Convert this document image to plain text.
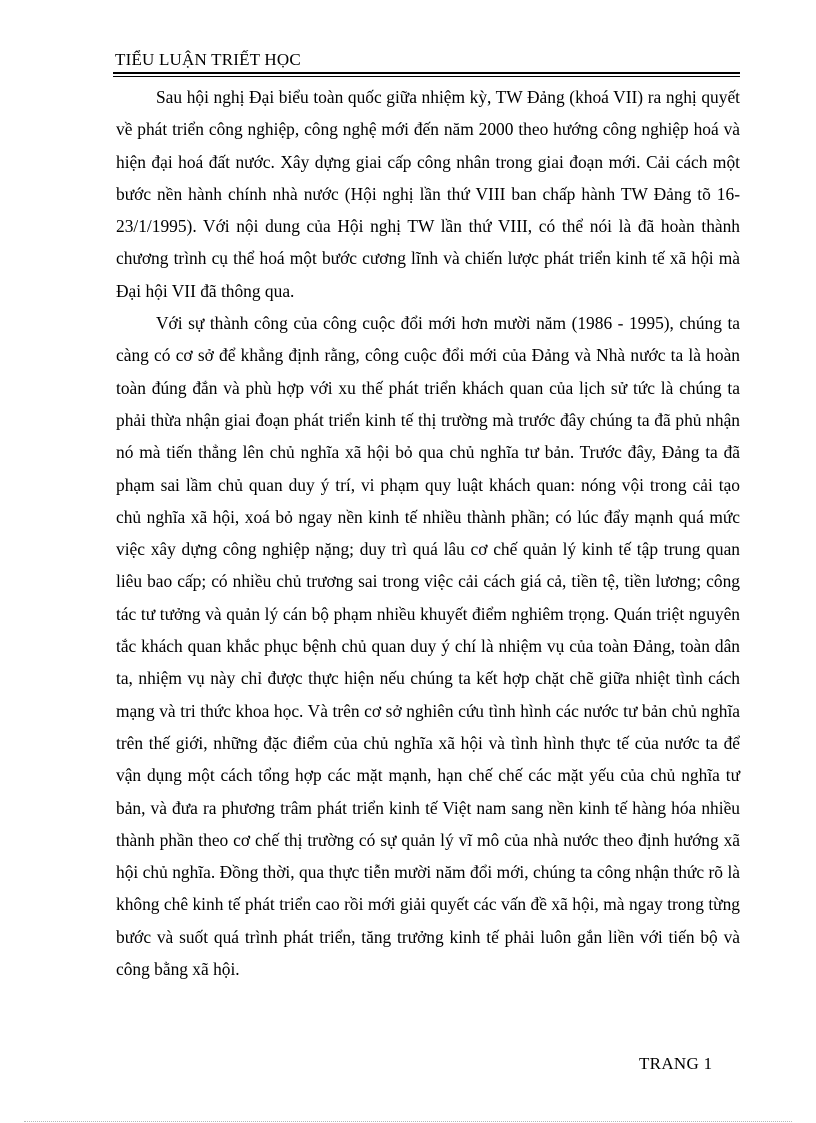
TIỂU LUẬN TRIẾT HỌC

Sau hội nghị Đại biểu toàn quốc giữa nhiệm kỳ, TW Đảng (khoá VII) ra nghị quyết về phát triển công nghiệp, công nghệ mới đến năm 2000 theo hướng công nghiệp hoá và hiện đại hoá đất nước. Xây dựng giai cấp công nhân trong giai đoạn mới. Cải cách một bước nền hành chính nhà nước (Hội nghị lần thứ VIII ban chấp hành TW Đảng tõ 16-23/1/1995). Với nội dung của Hội nghị TW lần thứ VIII, có thể nói là đã hoàn thành chương trình cụ thể hoá một bước cương lĩnh và chiến lược phát triển kinh tế xã hội mà Đại hội VII đã thông qua.

Với sự thành công của công cuộc đổi mới hơn mười năm (1986 - 1995), chúng ta càng có cơ sở để khẳng định rằng, công cuộc đổi mới của Đảng và Nhà nước ta là hoàn toàn đúng đắn và phù hợp với xu thế phát triển khách quan của lịch sử tức là chúng ta phải thừa nhận giai đoạn phát triển kinh tế thị trường mà trước đây chúng ta đã phủ nhận nó mà tiến thẳng lên chủ nghĩa xã hội bỏ qua chủ nghĩa tư bản. Trước đây, Đảng ta đã phạm sai lầm chủ quan duy ý trí, vi phạm quy luật khách quan: nóng vội trong cải tạo chủ nghĩa xã hội, xoá bỏ ngay nền kinh tế nhiều thành phần; có lúc đẩy mạnh quá mức việc xây dựng công nghiệp nặng; duy trì quá lâu cơ chế quản lý kinh tế tập trung quan liêu bao cấp; có nhiều chủ trương sai trong việc cải cách giá cả, tiền tệ, tiền lương; công tác tư tưởng và quản lý cán bộ phạm nhiều khuyết điểm nghiêm trọng. Quán triệt nguyên tắc khách quan khắc phục bệnh chủ quan duy ý chí là nhiệm vụ của toàn Đảng, toàn dân ta, nhiệm vụ này chỉ được thực hiện nếu chúng ta kết hợp chặt chẽ giữa nhiệt tình cách mạng và tri thức khoa học. Và trên cơ sở nghiên cứu tình hình các nước tư bản chủ nghĩa trên thế giới, những đặc điểm của chủ nghĩa xã hội và tình hình thực tế của nước ta để vận dụng một cách tổng hợp các mặt mạnh, hạn chế chế các mặt yếu của chủ nghĩa tư bản, và đưa ra phương trâm phát triển kinh tế Việt nam sang nền kinh tế hàng hóa nhiều thành phần theo cơ chế thị trường có sự quản lý vĩ mô của nhà nước theo định hướng xã hội chủ nghĩa. Đồng thời, qua thực tiễn mười năm đổi mới, chúng ta công nhận thức rõ là không chê kinh tế phát triển cao rồi mới giải quyết các vấn đề xã hội, mà ngay trong từng bước và suốt quá trình phát triển, tăng trưởng kinh tế phải luôn gắn liền với tiến bộ và công bằng xã hội.

TRANG 1
